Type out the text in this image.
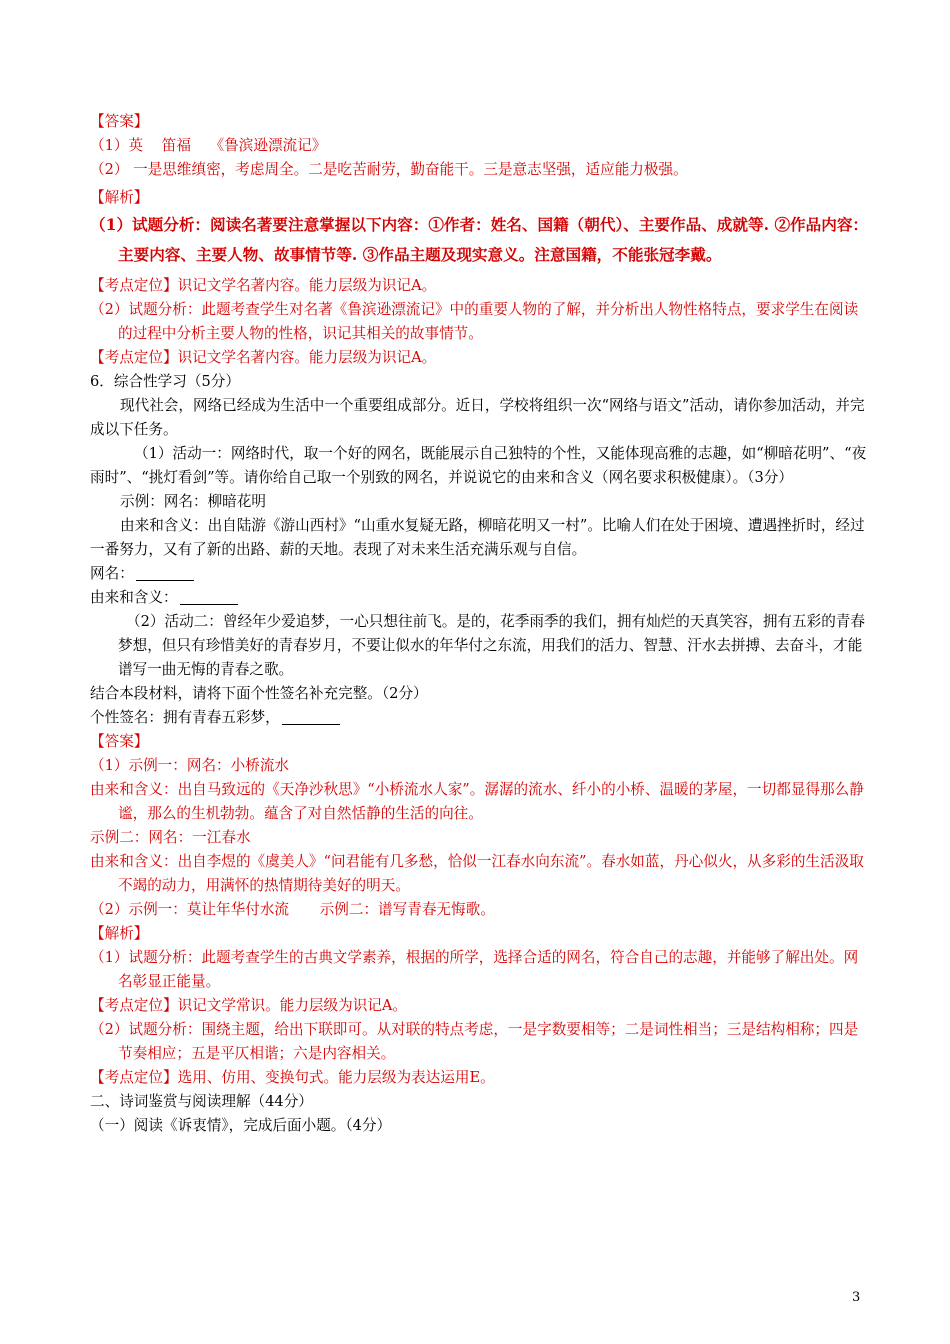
【答案】
（1）英 笛福 《鲁滨逊漂流记》
（2） 一是思维缜密，考虑周全。二是吃苦耐劳，勤奋能干。三是意志坚强，适应能力极强。
【解析】
（1）试题分析：阅读名著要注意掌握以下内容：①作者：姓名、国籍（朝代）、主要作品、成就等. ②作品内容：主要内容、主要人物、故事情节等. ③作品主题及现实意义。注意国籍，不能张冠李戴。
【考点定位】识记文学名著内容。能力层级为识记A。
（2）试题分析：此题考查学生对名著《鲁滨逊漂流记》中的重要人物的了解，并分析出人物性格特点，要求学生在阅读的过程中分析主要人物的性格，识记其相关的故事情节。
【考点定位】识记文学名著内容。能力层级为识记A。
6．综合性学习（5分）
现代社会，网络已经成为生活中一个重要组成部分。近日，学校将组织一次“网络与语文”活动，请你参加活动，并完成以下任务。
（1）活动一：网络时代，取一个好的网名，既能展示自己独特的个性，又能体现高雅的志趣，如“柳暗花明”、“夜雨时”、“挑灯看剑”等。请你给自己取一个别致的网名，并说说它的由来和含义（网名要求积极健康）。（3分）
示例：网名：柳暗花明
由来和含义：出自陆游《游山西村》“山重水复疑无路，柳暗花明又一村”。比喻人们在处于困境、遭遇挫折时，经过一番努力，又有了新的出路、薪的天地。表现了对未来生活充满乐观与自信。
网名：
由来和含义：
（2）活动二：曾经年少爱追梦，一心只想往前飞。是的，花季雨季的我们，拥有灿烂的天真笑容，拥有五彩的青春梦想，但只有珍惜美好的青春岁月，不要让似水的年华付之东流，用我们的活力、智慧、汗水去拼搏、去奋斗，才能谱写一曲无悔的青春之歌。
结合本段材料，请将下面个性签名补充完整。（2分）
个性签名：拥有青春五彩梦，
【答案】
（1）示例一：网名：小桥流水
由来和含义：出自马致远的《天净沙秋思》“小桥流水人家”。潺潺的流水、纤小的小桥、温暖的茅屋，一切都显得那么静谧，那么的生机勃勃。蕴含了对自然恬静的生活的向往。
示例二：网名：一江春水
由来和含义：出自李煜的《虞美人》“问君能有几多愁，恰似一江春水向东流”。春水如蓝，丹心似火，从多彩的生活汲取不竭的动力，用满怀的热情期待美好的明天。
（2）示例一：莫让年华付水流 示例二：谱写青春无悔歌。
【解析】
（1）试题分析：此题考查学生的古典文学素养，根据的所学，选择合适的网名，符合自己的志趣，并能够了解出处。网名彰显正能量。
【考点定位】识记文学常识。能力层级为识记A。
（2）试题分析：围绕主题，给出下联即可。从对联的特点考虑，一是字数要相等；二是词性相当；三是结构相称；四是节奏相应；五是平仄相谐；六是内容相关。
【考点定位】选用、仿用、变换句式。能力层级为表达运用E。
二、诗词鉴赏与阅读理解（44分）
（一）阅读《诉衷情》，完成后面小题。（4分）
3
